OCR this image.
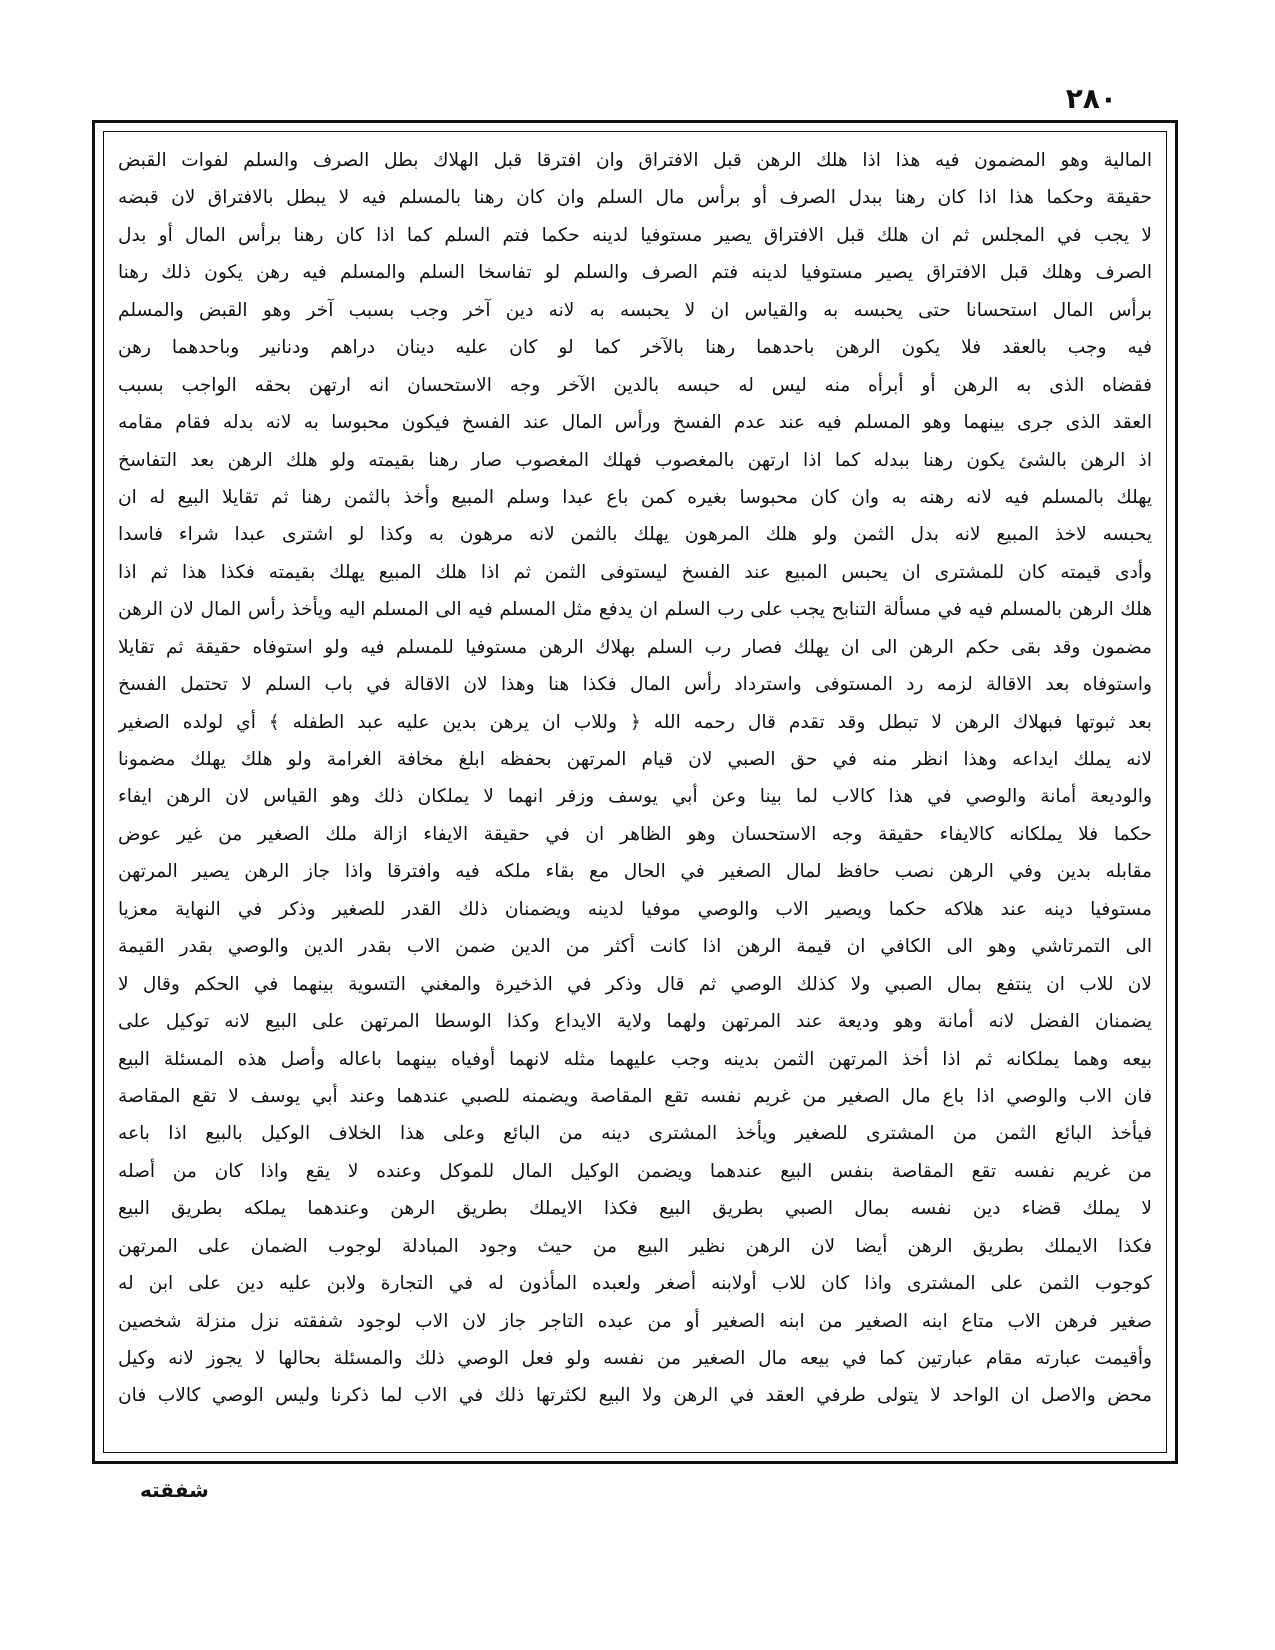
٢٨٠
المالية وهو المضمون فيه هذا اذا هلك الرهن قبل الافتراق وان افترقا قبل الهلاك بطل الصرف والسلم لفوات القبض
حقيقة وحكما هذا اذا كان رهنا ببدل الصرف أو برأس مال السلم وان كان رهنا بالمسلم فيه لا يبطل بالافتراق لان قبضه
لا يجب في المجلس ثم ان هلك قبل الافتراق يصير مستوفيا لدينه حكما فتم السلم كما اذا كان رهنا برأس المال أو بدل
الصرف وهلك قبل الافتراق يصير مستوفيا لدينه فتم الصرف والسلم لو تفاسخا السلم والمسلم فيه رهن يكون ذلك رهنا
برأس المال استحسانا حتى يحبسه به والقياس ان لا يحبسه به لانه دين آخر وجب بسبب آخر وهو القبض والمسلم
فيه وجب بالعقد فلا يكون الرهن باحدهما رهنا بالآخر كما لو كان عليه دينان دراهم ودنانير وباحدهما رهن
فقضاه الذى به الرهن أو أبرأه منه ليس له حبسه بالدين الآخر وجه الاستحسان انه ارتهن بحقه الواجب بسبب
العقد الذى جرى بينهما وهو المسلم فيه عند عدم الفسخ ورأس المال عند الفسخ فيكون محبوسا به لانه بدله فقام مقامه
اذ الرهن بالشئ يكون رهنا ببدله كما اذا ارتهن بالمغصوب فهلك المغصوب صار رهنا بقيمته ولو هلك الرهن بعد التفاسخ
يهلك بالمسلم فيه لانه رهنه به وان كان محبوسا بغيره كمن باع عبدا وسلم المبيع وأخذ بالثمن رهنا ثم تقايلا البيع له ان
يحبسه لاخذ المبيع لانه بدل الثمن ولو هلك المرهون يهلك بالثمن لانه مرهون به وكذا لو اشترى عبدا شراء فاسدا
وأدى قيمته كان للمشترى ان يحبس المبيع عند الفسخ ليستوفى الثمن ثم اذا هلك المبيع يهلك بقيمته فكذا هذا ثم اذا
هلك الرهن بالمسلم فيه في مسألة التنابح يجب على رب السلم ان يدفع مثل المسلم فيه الى المسلم اليه ويأخذ رأس المال لان الرهن
مضمون وقد بقى حكم الرهن الى ان يهلك فصار رب السلم بهلاك الرهن مستوفيا للمسلم فيه ولو استوفاه حقيقة ثم تقايلا
واستوفاه بعد الاقالة لزمه رد المستوفى واسترداد رأس المال فكذا هنا وهذا لان الاقالة في باب السلم لا تحتمل الفسخ
بعد ثبوتها فبهلاك الرهن لا تبطل وقد تقدم قال رحمه الله ﴿ وللاب ان يرهن بدين عليه عبد الطفله ﴾ أي لولده الصغير
لانه يملك ايداعه وهذا انظر منه في حق الصبي لان قيام المرتهن بحفظه ابلغ مخافة الغرامة ولو هلك يهلك مضمونا
والوديعة أمانة والوصي في هذا كالاب لما بينا وعن أبي يوسف وزفر انهما لا يملكان ذلك وهو القياس لان الرهن ايفاء
حكما فلا يملكانه كالايفاء حقيقة وجه الاستحسان وهو الظاهر ان في حقيقة الايفاء ازالة ملك الصغير من غير عوض
مقابله بدين وفي الرهن نصب حافظ لمال الصغير في الحال مع بقاء ملكه فيه وافترقا واذا جاز الرهن يصير المرتهن
مستوفيا دينه عند هلاكه حكما ويصير الاب والوصي موفيا لدينه ويضمنان ذلك القدر للصغير وذكر في النهاية معزيا
الى التمرتاشي وهو الى الكافي ان قيمة الرهن اذا كانت أكثر من الدين ضمن الاب بقدر الدين والوصي بقدر القيمة
لان للاب ان ينتفع بمال الصبي ولا كذلك الوصي ثم قال وذكر في الذخيرة والمغني التسوية بينهما في الحكم وقال لا
يضمنان الفضل لانه أمانة وهو وديعة عند المرتهن ولهما ولاية الايداع وكذا الوسطا المرتهن على البيع لانه توكيل على
بيعه وهما يملكانه ثم اذا أخذ المرتهن الثمن بدينه وجب عليهما مثله لانهما أوفياه بينهما باعاله وأصل هذه المسئلة البيع
فان الاب والوصي اذا باع مال الصغير من غريم نفسه تقع المقاصة ويضمنه للصبي عندهما وعند أبي يوسف لا تقع المقاصة
فيأخذ البائع الثمن من المشترى للصغير ويأخذ المشترى دينه من البائع وعلى هذا الخلاف الوكيل بالبيع اذا باعه
من غريم نفسه تقع المقاصة بنفس البيع عندهما ويضمن الوكيل المال للموكل وعنده لا يقع واذا كان من أصله
لا يملك قضاء دين نفسه بمال الصبي بطريق البيع فكذا الايملك بطريق الرهن وعندهما يملكه بطريق البيع
فكذا الايملك بطريق الرهن أيضا لان الرهن نظير البيع من حيث وجود المبادلة لوجوب الضمان على المرتهن
كوجوب الثمن على المشترى واذا كان للاب أولابنه أصغر ولعبده المأذون له في التجارة ولابن عليه دين على ابن له
صغير فرهن الاب متاع ابنه الصغير من ابنه الصغير أو من عبده التاجر جاز لان الاب لوجود شفقته نزل منزلة شخصين
وأقيمت عبارته مقام عبارتين كما في بيعه مال الصغير من نفسه ولو فعل الوصي ذلك والمسئلة بحالها لا يجوز لانه وكيل
محض والاصل ان الواحد لا يتولى طرفي العقد في الرهن ولا البيع لكثرتها ذلك في الاب لما ذكرنا وليس الوصي كالاب فان
شفقته
